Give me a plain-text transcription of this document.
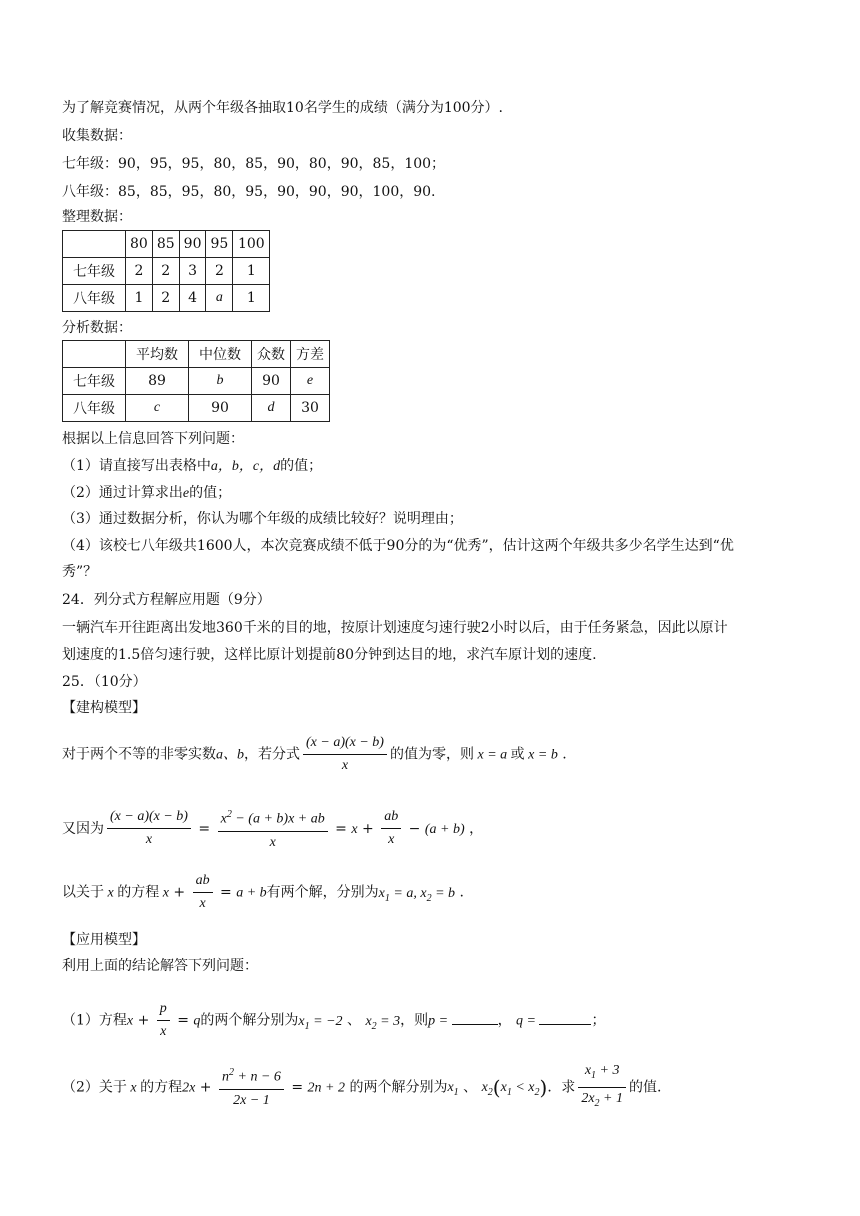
为了解竞赛情况，从两个年级各抽取10名学生的成绩（满分为100分）.
收集数据：
七年级：90，95，95，80，85，90，80，90，85，100；
八年级：85，85，95，80，95，90，90，90，100，90.
整理数据：
	80	85	90	95	100
七年级	2	2	3	2	1
八年级	1	2	4	a	1
分析数据：
	平均数	中位数	众数	方差
七年级	89	b	90	e
八年级	c	90	d	30
根据以上信息回答下列问题：
（1）请直接写出表格中a，b，c，d的值；
（2）通过计算求出e的值；
（3）通过数据分析，你认为哪个年级的成绩比较好？说明理由；
（4）该校七八年级共1600人，本次竞赛成绩不低于90分的为“优秀”，估计这两个年级共多少名学生达到“优
秀”？
24．列分式方程解应用题（9分）
一辆汽车开往距离出发地360千米的目的地，按原计划速度匀速行驶2小时以后，由于任务紧急，因此以原计
划速度的1.5倍匀速行驶，这样比原计划提前80分钟到达目的地，求汽车原计划的速度.
25．（10分）
【建构模型】
对于两个不等的非零实数a、b，若分式 $\frac{(x - a)(x - b)}{x}$ 的值为零，则 x = a 或 x = b .
又因为 $\frac{(x - a)(x - b)}{x} = \frac{x^2 - (a + b)x + ab}{x} = x + \frac{ab}{x} - (a + b)$ ，
以关于 x 的方程 $x + \frac{ab}{x} = a + b$有两个解，分别为$x_1 = a$, $x_2 = b$ .
【应用模型】
利用上面的结论解答下列问题：
（1）方程$x + \frac{p}{x} = q$的两个解分别为$x_1 = -2$ 、 $x_2 = 3$，则p =	， q =	；
（2）关于 x 的方程$2x + \frac{n^2 + n - 6}{2x - 1} = 2n + 2$ 的两个解分别为$x_1$ 、 $x_2(x_1 < x_2)$．求 $\frac{x_1 + 3}{2x_2 + 1}$ 的值.
